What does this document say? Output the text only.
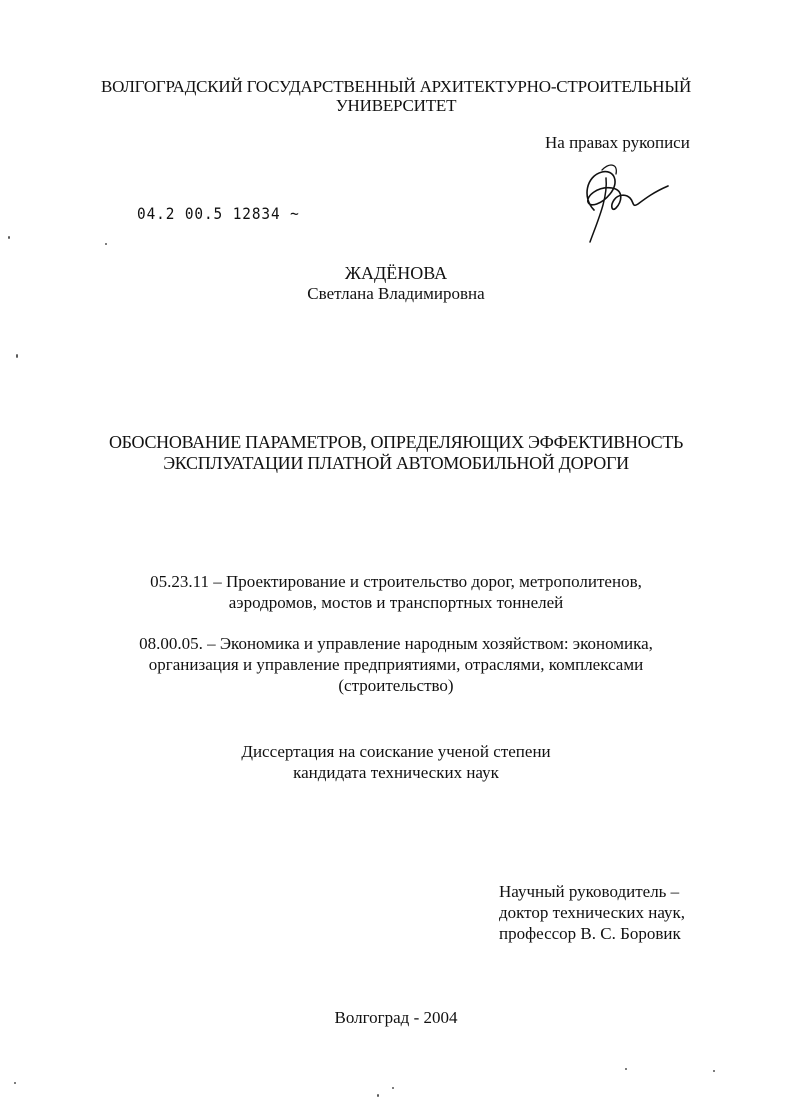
ВОЛГОГРАДСКИЙ ГОСУДАРСТВЕННЫЙ АРХИТЕКТУРНО-СТРОИТЕЛЬНЫЙ
УНИВЕРСИТЕТ
На правах рукописи
04.2 00.5 12834 ~
ЖАДЁНОВА
Светлана Владимировна
ОБОСНОВАНИЕ ПАРАМЕТРОВ, ОПРЕДЕЛЯЮЩИХ ЭФФЕКТИВНОСТЬ
ЭКСПЛУАТАЦИИ ПЛАТНОЙ АВТОМОБИЛЬНОЙ ДОРОГИ
05.23.11 – Проектирование и строительство дорог, метрополитенов,
аэродромов, мостов и транспортных тоннелей
08.00.05. – Экономика и управление народным хозяйством: экономика,
организация и управление предприятиями, отраслями, комплексами
(строительство)
Диссертация на соискание ученой степени
кандидата технических наук
Научный руководитель –
доктор технических наук,
профессор В. С. Боровик
Волгоград - 2004
